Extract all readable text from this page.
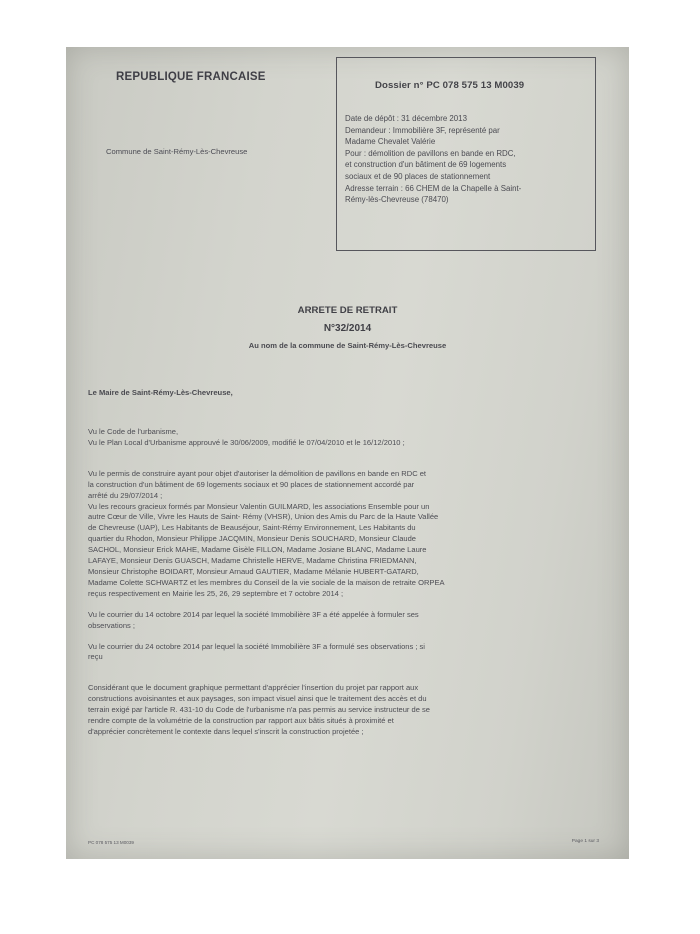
REPUBLIQUE FRANCAISE
Commune de Saint-Rémy-Lès-Chevreuse
Dossier n° PC 078 575 13 M0039
Date de dépôt : 31 décembre 2013
Demandeur : Immobilière 3F, représenté par
Madame Chevalet Valérie
Pour : démolition de pavillons en bande en RDC,
et construction d'un bâtiment de 69 logements
sociaux et de 90 places de stationnement
Adresse terrain : 66 CHEM de la Chapelle à Saint-
Rémy-lès-Chevreuse (78470)
ARRETE DE RETRAIT
N°32/2014
Au nom de la commune de Saint-Rémy-Lès-Chevreuse
Le Maire de Saint-Rémy-Lès-Chevreuse,

Vu le Code de l'urbanisme,
Vu le Plan Local d'Urbanisme approuvé le 30/06/2009, modifié le 07/04/2010 et le 16/12/2010 ;

Vu le permis de construire ayant pour objet d'autoriser la démolition de pavillons en bande en RDC et
la construction d'un bâtiment de 69 logements sociaux et 90 places de stationnement accordé par
arrêté du 29/07/2014 ;
Vu les recours gracieux formés par Monsieur Valentin GUILMARD, les associations Ensemble pour un
autre Cœur de Ville, Vivre les Hauts de Saint- Rémy (VHSR), Union des Amis du Parc de la Haute Vallée
de Chevreuse (UAP), Les Habitants de Beauséjour, Saint-Rémy Environnement, Les Habitants du
quartier du Rhodon, Monsieur Philippe JACQMIN, Monsieur Denis SOUCHARD, Monsieur Claude
SACHOL, Monsieur Erick MAHE, Madame Gisèle FILLON, Madame Josiane BLANC, Madame Laure
LAFAYE, Monsieur Denis GUASCH, Madame Christelle HERVE, Madame Christina FRIEDMANN,
Monsieur Christophe BOIDART, Monsieur Arnaud GAUTIER, Madame Mélanie HUBERT-GATARD,
Madame Colette SCHWARTZ et les membres du Conseil de la vie sociale de la maison de retraite ORPEA
reçus respectivement en Mairie les 25, 26, 29 septembre et 7 octobre 2014 ;

Vu le courrier du 14 octobre 2014 par lequel la société Immobilière 3F a été appelée à formuler ses
observations ;

Vu le courrier du 24 octobre 2014 par lequel la société Immobilière 3F a formulé ses observations ; si
reçu

Considérant que le document graphique permettant d'apprécier l'insertion du projet par rapport aux
constructions avoisinantes et aux paysages, son impact visuel ainsi que le traitement des accès et du
terrain exigé par l'article R. 431-10 du Code de l'urbanisme n'a pas permis au service instructeur de se
rendre compte de la volumétrie de la construction par rapport aux bâtis situés à proximité et
d'apprécier concrètement le contexte dans lequel s'inscrit la construction projetée ;

PC 078 575 13 M0039	Page 1 sur 3
